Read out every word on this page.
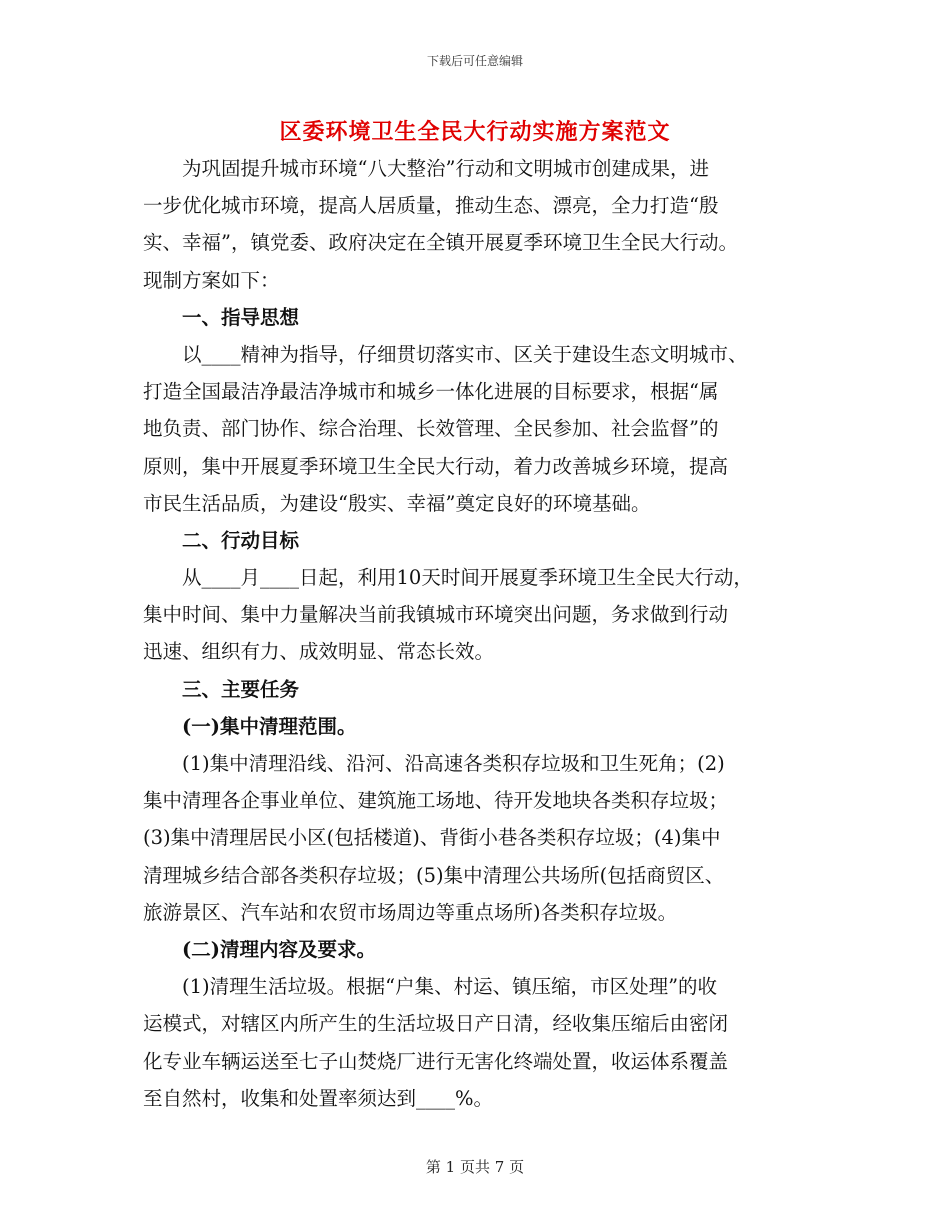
下载后可任意编辑
区委环境卫生全民大行动实施方案范文
　　为巩固提升城市环境“八大整治”行动和文明城市创建成果，进
一步优化城市环境，提高人居质量，推动生态、漂亮，全力打造“殷
实、幸福”，镇党委、政府决定在全镇开展夏季环境卫生全民大行动。
现制方案如下：
　　一、指导思想
　　以____精神为指导，仔细贯切落实市、区关于建设生态文明城市、
打造全国最洁净最洁净城市和城乡一体化进展的目标要求，根据“属
地负责、部门协作、综合治理、长效管理、全民参加、社会监督”的
原则，集中开展夏季环境卫生全民大行动，着力改善城乡环境，提高
市民生活品质，为建设“殷实、幸福”奠定良好的环境基础。
　　二、行动目标
　　从____月____日起，利用10天时间开展夏季环境卫生全民大行动，
集中时间、集中力量解决当前我镇城市环境突出问题，务求做到行动
迅速、组织有力、成效明显、常态长效。
　　三、主要任务
　　(一)集中清理范围。
　　(1)集中清理沿线、沿河、沿高速各类积存垃圾和卫生死角；(2)
集中清理各企事业单位、建筑施工场地、待开发地块各类积存垃圾；
(3)集中清理居民小区(包括楼道)、背街小巷各类积存垃圾；(4)集中
清理城乡结合部各类积存垃圾；(5)集中清理公共场所(包括商贸区、
旅游景区、汽车站和农贸市场周边等重点场所)各类积存垃圾。
　　(二)清理内容及要求。
　　(1)清理生活垃圾。根据“户集、村运、镇压缩，市区处理”的收
运模式，对辖区内所产生的生活垃圾日产日清，经收集压缩后由密闭
化专业车辆运送至七子山焚烧厂进行无害化终端处置，收运体系覆盖
至自然村，收集和处置率须达到____%。
第 1 页共 7 页
